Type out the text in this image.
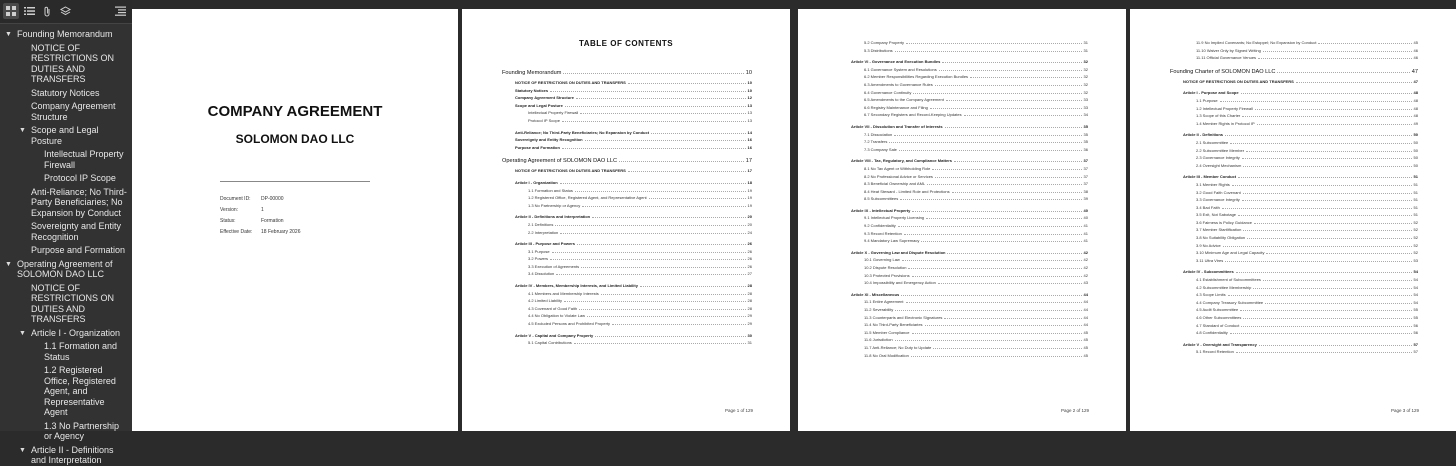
▼ Founding Memorandum
NOTICE OF RESTRICTIONS ON DUTIES AND TRANSFERS
Statutory Notices
Company Agreement Structure
▼ Scope and Legal Posture
Intellectual Property Firewall
Protocol IP Scope
Anti-Reliance; No Third-Party Beneficiaries; No Expansion by Conduct
Sovereignty and Entity Recognition
Purpose and Formation
▼ Operating Agreement of SOLOMON DAO LLC
NOTICE OF RESTRICTIONS ON DUTIES AND TRANSFERS
▼ Article I - Organization
1.1 Formation and Status
1.2 Registered Office, Registered Agent, and Representative Agent
1.3 No Partnership or Agency
▼ Article II - Definitions and Interpretation
COMPANY AGREEMENT
SOLOMON DAO LLC
Document ID:	DP-00000
Version:	1
Status:	Formation
Effective Date:	18 February 2026
TABLE OF CONTENTS
Founding Memorandum	10
NOTICE OF RESTRICTIONS ON DUTIES AND TRANSFERS	10
Statutory Notices	10
Company Agreement Structure	12
Scope and Legal Posture	13
Intellectual Property Firewall	13
Protocol IP Scope	13
Anti-Reliance; No Third-Party Beneficiaries; No Expansion by Conduct	14
Sovereignty and Entity Recognition	16
Purpose and Formation	16
Operating Agreement of SOLOMON DAO LLC	17
NOTICE OF RESTRICTIONS ON DUTIES AND TRANSFERS	17
Article I - Organization	18
1.1 Formation and Status	19
1.2 Registered Office, Registered Agent, and Representative Agent	19
1.3 No Partnership or Agency	19
Article II - Definitions and Interpretation	20
2.1 Definitions	20
2.2 Interpretation	24
Article III - Purpose and Powers	26
3.1 Purpose	26
3.2 Powers	26
3.3 Execution of Agreements	26
3.4 Dissolution	27
Article IV - Members, Membership Interests, and Limited Liability	28
4.1 Members and Membership Interests	28
4.2 Limited Liability	28
4.3 Covenant of Good Faith	28
4.4 No Obligation to Violate Law	29
4.5 Excluded Persons and Prohibited Property	29
Article V - Capital and Company Property	30
5.1 Capital Contributions	31
Page 1 of 129
5.2 Company Property	31
5.3 Distributions	31
Article VI - Governance and Execution Bundles	32
6.1 Governance System and Resolutions	32
6.2 Member Responsibilities Regarding Execution Bundles	32
6.3 Amendments to Governance Rules	32
6.4 Governance Continuity	32
6.5 Amendments to the Company Agreement	33
6.6 Registry Maintenance and Filing	33
6.7 Secondary Registers and Record-Keeping Updates	34
Article VII - Dissolution and Transfer of Interests	35
7.1 Dissociation	35
7.2 Transfers	35
7.3 Company Sale	36
Article VIII - Tax, Regulatory, and Compliance Matters	37
8.1 No Tax Agent or Withholding Role	37
8.2 No Professional Advice or Services	37
8.3 Beneficial Ownership and AML	37
8.4 Heat Steward - Limited Role and Protections	38
8.5 Subcommittees	39
Article IX - Intellectual Property	40
9.1 Intellectual Property Licensing	40
9.2 Confidentiality	41
9.3 Record Retention	41
9.4 Mandatory Law Supremacy	41
Article X - Governing Law and Dispute Resolution	42
10.1 Governing Law	42
10.2 Dispute Resolution	42
10.3 Protected Provisions	42
10.4 Impossibility and Emergency Action	43
Article XI - Miscellaneous	44
11.1 Entire Agreement	44
11.2 Severability	44
11.3 Counterparts and Electronic Signatures	44
11.4 No Third-Party Beneficiaries	44
11.5 Member Compliance	45
11.6 Jurisdiction	45
11.7 Anti-Reliance; No Duty to Update	45
11.8 No Oral Modification	45
Page 2 of 129
11.9 No Implied Covenants; No Estoppel; No Expansion by Conduct	45
11.10 Waiver Only by Signed Writing	46
11.11 Official Governance Venues	46
Founding Charter of SOLOMON DAO LLC	47
NOTICE OF RESTRICTIONS ON DUTIES AND TRANSFERS	47
Article I - Purpose and Scope	48
1.1 Purpose	48
1.2 Intellectual Property Firewall	48
1.3 Scope of this Charter	48
1.4 Member Rights in Protocol IP	49
Article II - Definitions	50
2.1 Subcommittee	50
2.2 Subcommittee Member	50
2.3 Governance Integrity	50
2.4 Oversight Mechanism	50
Article III - Member Conduct	51
3.1 Member Rights	51
3.2 Good Faith Covenant	51
3.3 Governance Integrity	51
3.4 Bad Faith	51
3.5 Exit, Not Sabotage	51
3.6 Fairness is Policy Guidance	52
3.7 Member Startlification	52
3.8 No Suitability Obligation	52
3.9 No Advice	52
3.10 Minimum Age and Legal Capacity	52
3.11 Ultra Vires	53
Article IV - Subcommittees	54
4.1 Establishment of Subcommittees	54
4.2 Subcommittee Membership	54
4.3 Scope Limits	54
4.4 Company Treasury Subcommittee	54
4.5 Audit Subcommittee	55
4.6 Other Subcommittees	55
4.7 Standard of Conduct	56
4.8 Confidentiality	56
Article V - Oversight and Transparency	57
5.1 Record Retention	57
Page 3 of 129
